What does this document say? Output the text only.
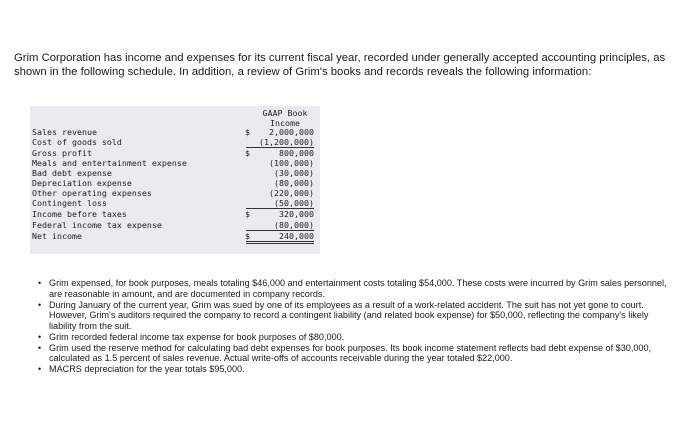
Grim Corporation has income and expenses for its current fiscal year, recorded under generally accepted accounting principles, as shown in the following schedule. In addition, a review of Grim's books and records reveals the following information:
GAAP Book
Income
Sales revenue	$	2,000,000
Cost of goods sold	(1,200,000)
Gross profit	$	800,000
Meals and entertainment expense	(100,000)
Bad debt expense	(30,000)
Depreciation expense	(80,000)
Other operating expenses	(220,000)
Contingent loss	(50,000)
Income before taxes	$	320,000
Federal income tax expense	(80,000)
Net income	$	240,000
• Grim expensed, for book purposes, meals totaling $46,000 and entertainment costs totaling $54,000. These costs were incurred by Grim sales personnel, are reasonable in amount, and are documented in company records.
• During January of the current year, Grim was sued by one of its employees as a result of a work-related accident. The suit has not yet gone to court. However, Grim's auditors required the company to record a contingent liability (and related book expense) for $50,000, reflecting the company's likely liability from the suit.
• Grim recorded federal income tax expense for book purposes of $80,000.
• Grim used the reserve method for calculating bad debt expenses for book purposes. Its book income statement reflects bad debt expense of $30,000, calculated as 1.5 percent of sales revenue. Actual write-offs of accounts receivable during the year totaled $22,000.
• MACRS depreciation for the year totals $95,000.
